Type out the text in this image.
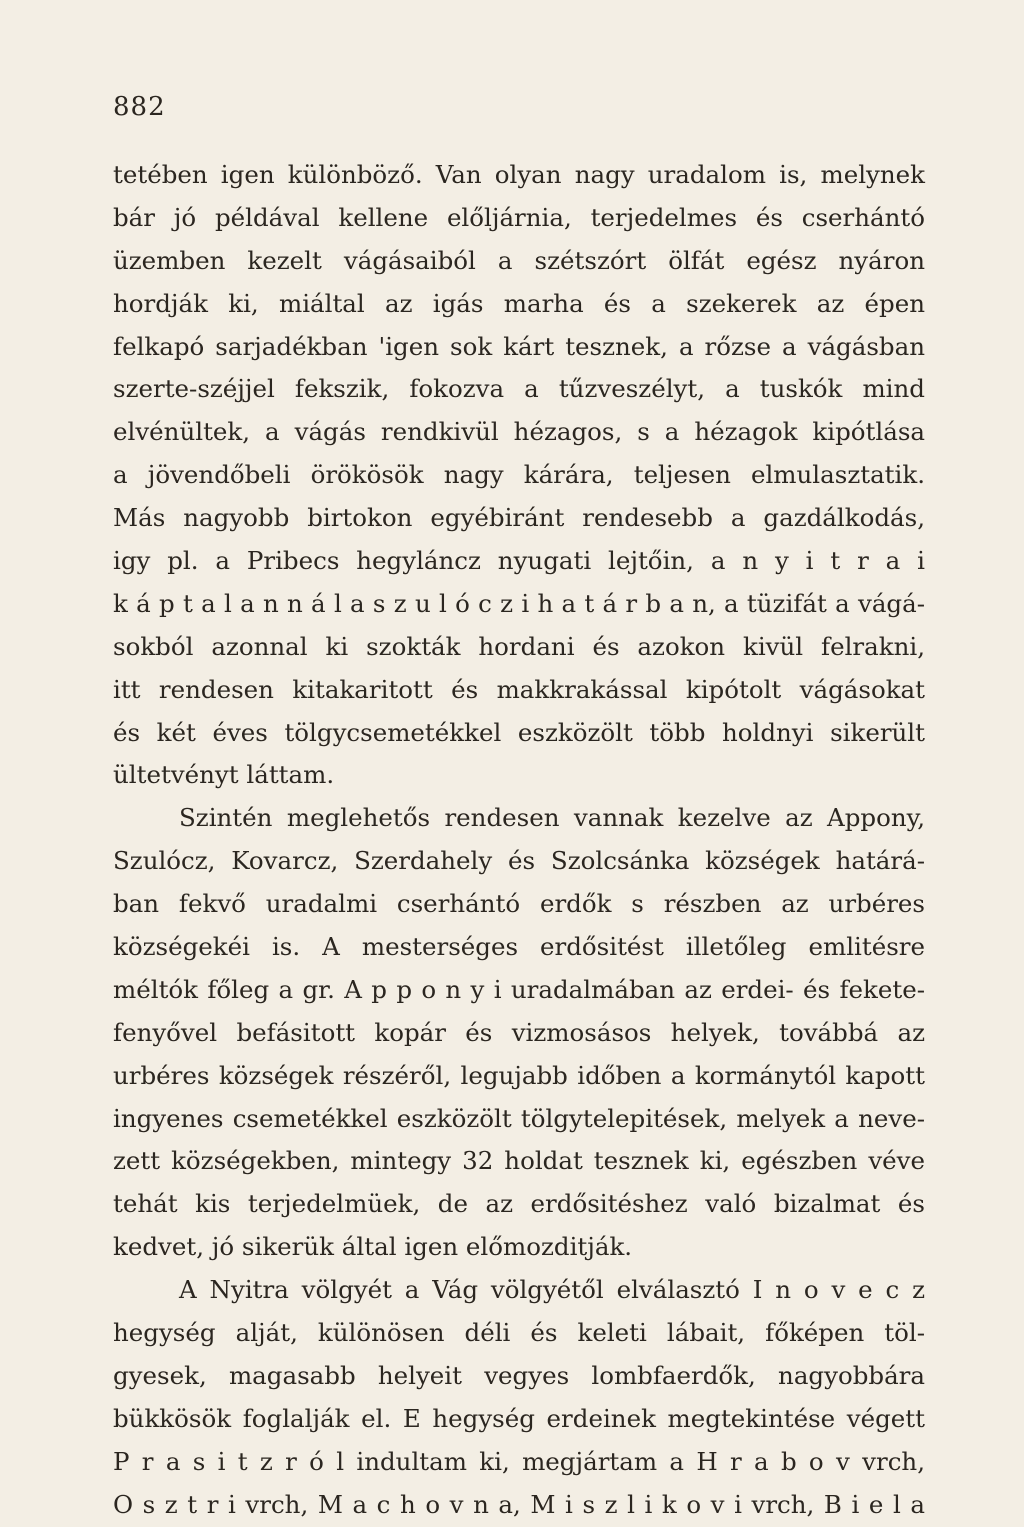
882
tetében igen különböző. Van olyan nagy uradalom is, melynek
bár jó példával kellene előljárnia, terjedelmes és cserhántó
üzemben kezelt vágásaiból a szétszórt ölfát egész nyáron
hordják ki, miáltal az igás marha és a szekerek az épen
felkapó sarjadékban 'igen sok kárt tesznek, a rőzse a vágásban
szerte-széjjel fekszik, fokozva a tűzveszélyt, a tuskók mind
elvénültek, a vágás rendkivül hézagos, s a hézagok kipótlása
a jövendőbeli örökösök nagy kárára, teljesen elmulasztatik.
Más nagyobb birtokon egyébiránt rendesebb a gazdálkodás,
igy pl. a Pribecs hegyláncz nyugati lejtőin, a n y i t r a i
k á p t a l a n n á l a s z u l ó c z i h a t á r b a n, a tüzifát a vágá-
sokból azonnal ki szokták hordani és azokon kivül felrakni,
itt rendesen kitakaritott és makkrakással kipótolt vágásokat
és két éves tölgycsemetékkel eszközölt több holdnyi sikerült
ültetvényt láttam.
Szintén meglehetős rendesen vannak kezelve az Appony,
Szulócz, Kovarcz, Szerdahely és Szolcsánka községek határá-
ban fekvő uradalmi cserhántó erdők s részben az urbéres
községekéi is. A mesterséges erdősitést illetőleg emlitésre
méltók főleg a gr. A p p o n y i uradalmában az erdei- és fekete-
fenyővel befásitott kopár és vizmosásos helyek, továbbá az
urbéres községek részéről, legujabb időben a kormánytól kapott
ingyenes csemetékkel eszközölt tölgytelepitések, melyek a neve-
zett községekben, mintegy 32 holdat tesznek ki, egészben véve
tehát kis terjedelmüek, de az erdősitéshez való bizalmat és
kedvet, jó sikerük által igen előmozditják.
A Nyitra völgyét a Vág völgyétől elválasztó I n o v e c z
hegység alját, különösen déli és keleti lábait, főképen töl-
gyesek, magasabb helyeit vegyes lombfaerdők, nagyobbára
bükkösök foglalják el. E hegység erdeinek megtekintése végett
P r a s i t z r ó l indultam ki, megjártam a H r a b o v vrch,
O s z t r i vrch, M a c h o v n a, M i s z l i k o v i vrch, B i e l a
